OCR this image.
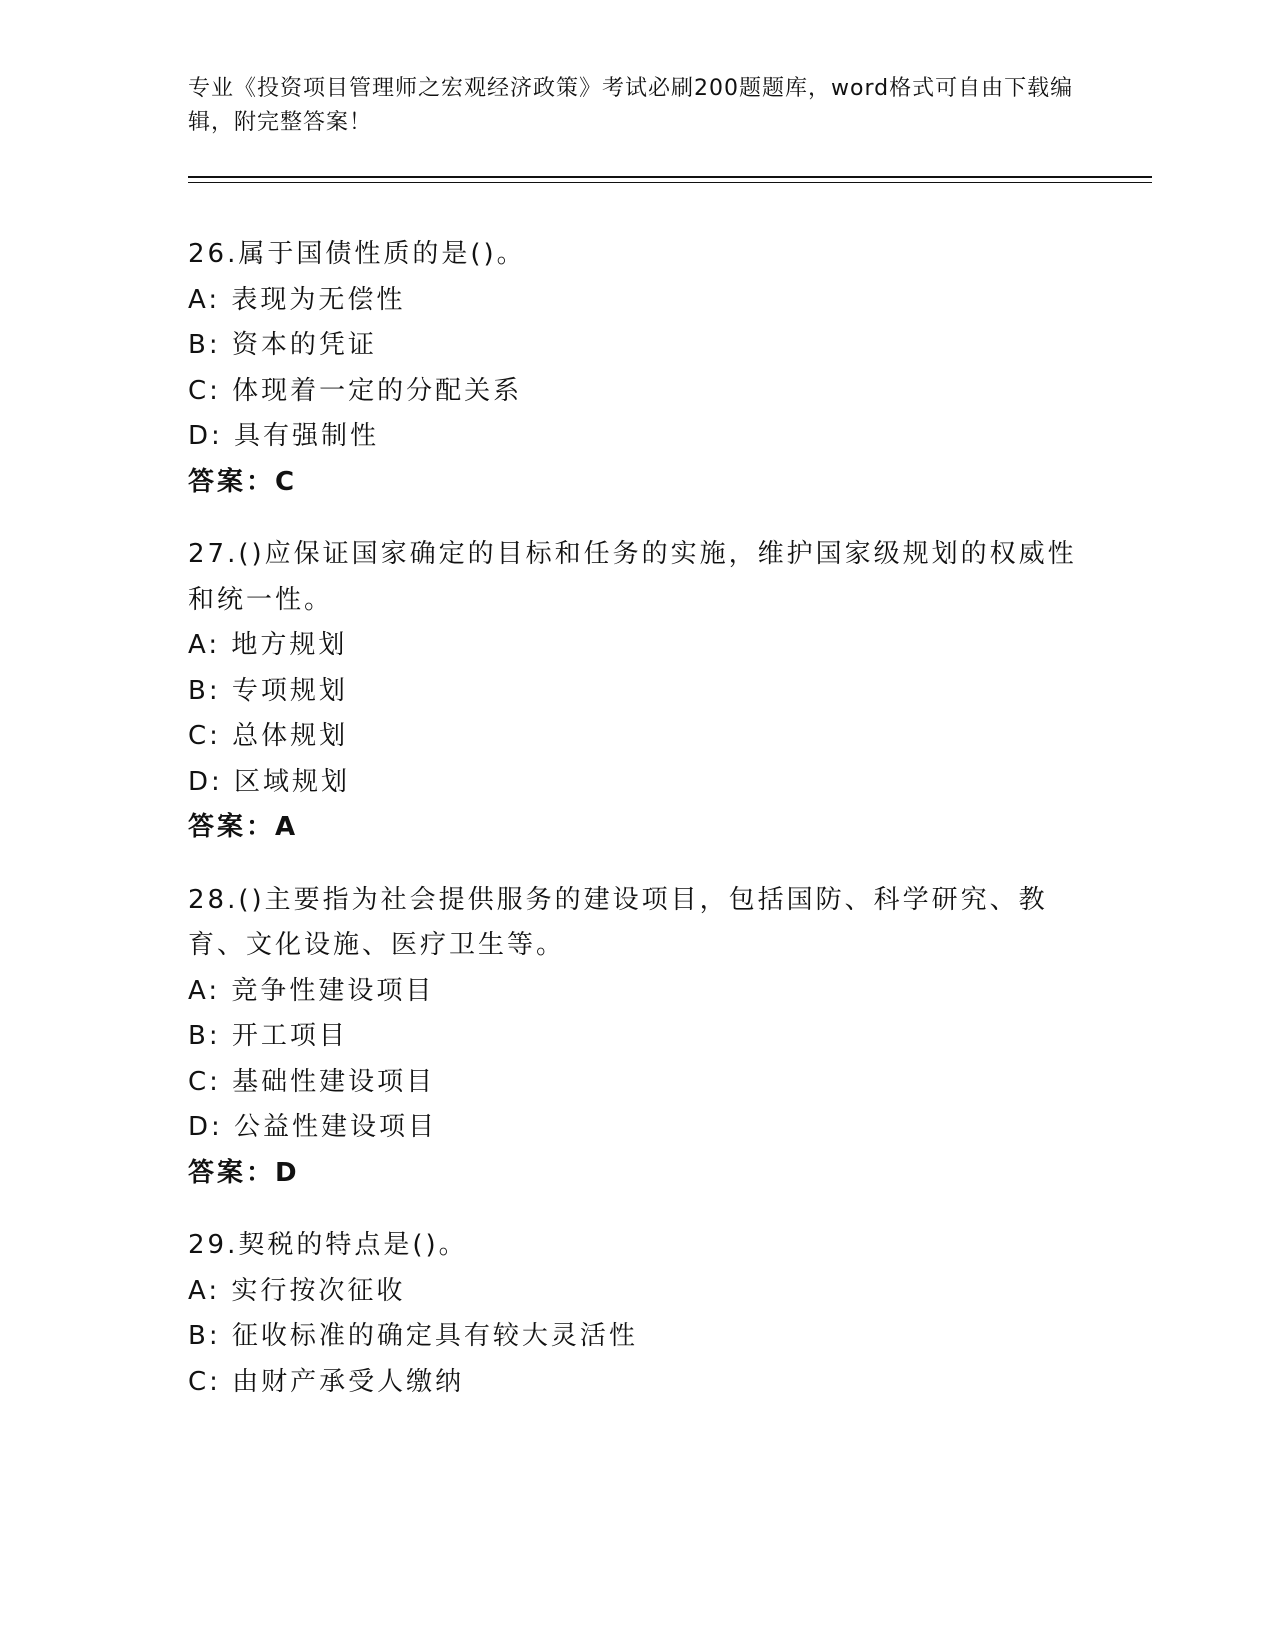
专业《投资项目管理师之宏观经济政策》考试必刷200题题库，word格式可自由下载编辑，附完整答案！
26.属于国债性质的是()。
A: 表现为无偿性
B: 资本的凭证
C: 体现着一定的分配关系
D: 具有强制性
答案：C
27.()应保证国家确定的目标和任务的实施，维护国家级规划的权威性和统一性。
A: 地方规划
B: 专项规划
C: 总体规划
D: 区域规划
答案：A
28.()主要指为社会提供服务的建设项目，包括国防、科学研究、教育、文化设施、医疗卫生等。
A: 竞争性建设项目
B: 开工项目
C: 基础性建设项目
D: 公益性建设项目
答案：D
29.契税的特点是()。
A: 实行按次征收
B: 征收标准的确定具有较大灵活性
C: 由财产承受人缴纳
